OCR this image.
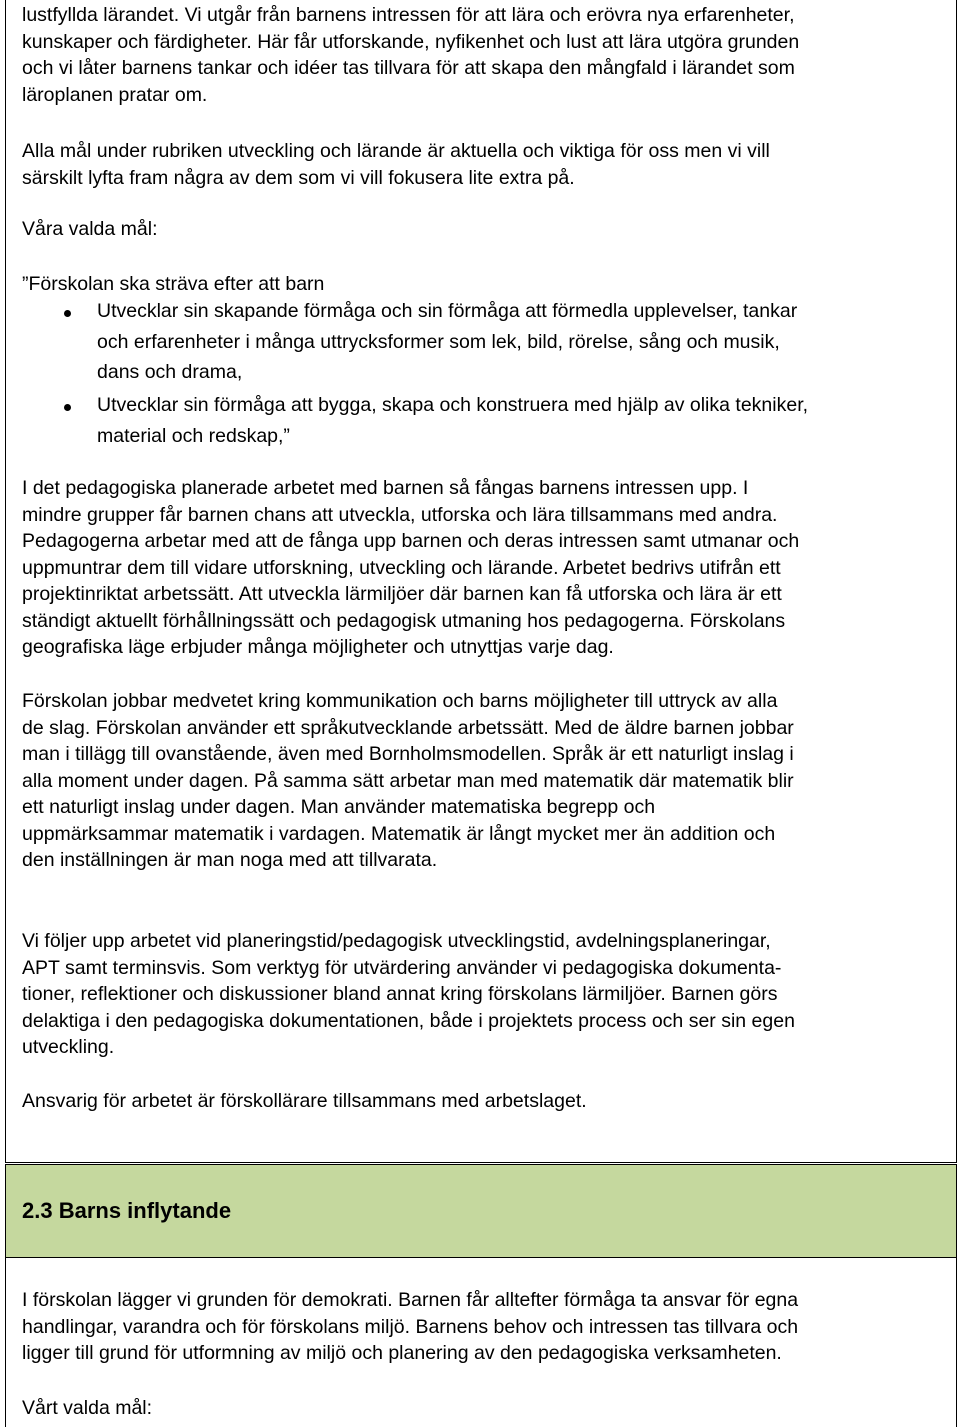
lustfyllda lärandet. Vi utgår från barnens intressen för att lära och erövra nya erfarenheter,
kunskaper och färdigheter. Här får utforskande, nyfikenhet och lust att lära utgöra grunden
och vi låter barnens tankar och idéer tas tillvara för att skapa den mångfald i lärandet som
läroplanen pratar om.
Alla mål under rubriken utveckling och lärande är aktuella och viktiga för oss men vi vill
särskilt lyfta fram några av dem som vi vill fokusera lite extra på.
Våra valda mål:
”Förskolan ska sträva efter att barn
Utvecklar sin skapande förmåga och sin förmåga att förmedla upplevelser, tankar
och erfarenheter i många uttrycksformer som lek, bild, rörelse, sång och musik,
dans och drama,
Utvecklar sin förmåga att bygga, skapa och konstruera med hjälp av olika tekniker,
material och redskap,”
I det pedagogiska planerade arbetet med barnen så fångas barnens intressen upp. I
mindre grupper får barnen chans att utveckla, utforska och lära tillsammans med andra.
Pedagogerna arbetar med att de fånga upp barnen och deras intressen samt utmanar och
uppmuntrar dem till vidare utforskning, utveckling och lärande. Arbetet bedrivs utifrån ett
projektinriktat arbetssätt. Att utveckla lärmiljöer där barnen kan få utforska och lära är ett
ständigt aktuellt förhållningssätt och pedagogisk utmaning hos pedagogerna. Förskolans
geografiska läge erbjuder många möjligheter och utnyttjas varje dag.
Förskolan jobbar medvetet kring kommunikation och barns möjligheter till uttryck av alla
de slag. Förskolan använder ett språkutvecklande arbetssätt. Med de äldre barnen jobbar
man i tillägg till ovanstående, även med Bornholmsmodellen. Språk är ett naturligt inslag i
alla moment under dagen. På samma sätt arbetar man med matematik där matematik blir
ett naturligt inslag under dagen. Man använder matematiska begrepp och
uppmärksammar matematik i vardagen. Matematik är långt mycket mer än addition och
den inställningen är man noga med att tillvarata.
Vi följer upp arbetet vid planeringstid/pedagogisk utvecklingstid, avdelningsplaneringar,
APT samt terminsvis. Som verktyg för utvärdering använder vi pedagogiska dokumenta-
tioner, reflektioner och diskussioner bland annat kring förskolans lärmiljöer. Barnen görs
delaktiga i den pedagogiska dokumentationen, både i projektets process och ser sin egen
utveckling.
Ansvarig för arbetet är förskollärare tillsammans med arbetslaget.
2.3 Barns inflytande
I förskolan lägger vi grunden för demokrati. Barnen får alltefter förmåga ta ansvar för egna
handlingar, varandra och för förskolans miljö. Barnens behov och intressen tas tillvara och
ligger till grund för utformning av miljö och planering av den pedagogiska verksamheten.
Vårt valda mål:
